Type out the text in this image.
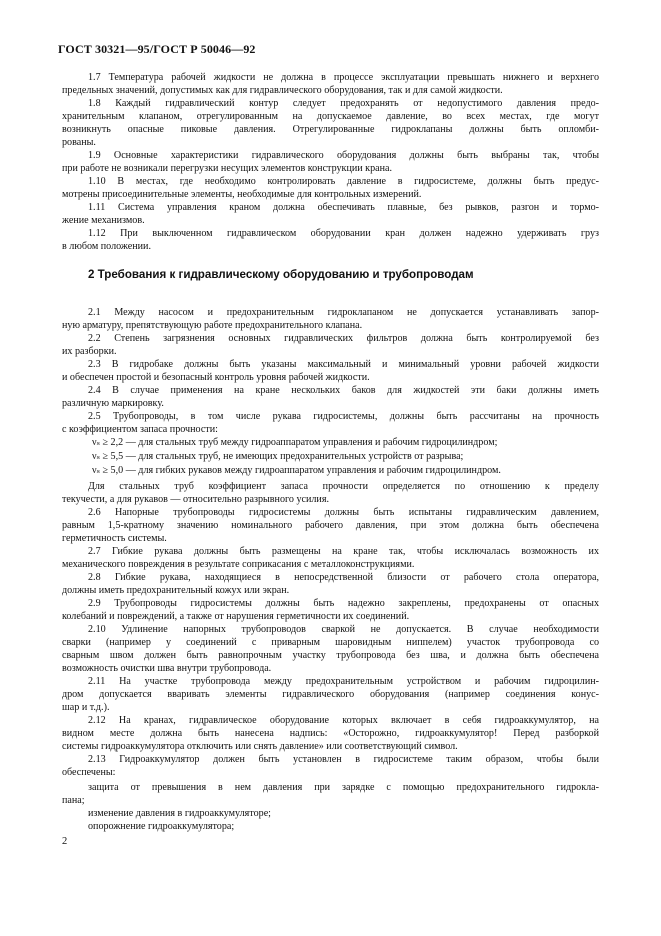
ГОСТ 30321—95/ГОСТ Р 50046—92
1.7 Температура рабочей жидкости не должна в процессе эксплуатации превышать нижнего и верхнего
предельных значений, допустимых как для гидравлического оборудования, так и для самой жидкости.
1.8 Каждый гидравлический контур следует предохранять от недопустимого давления предо-
хранительным клапаном, отрегулированным на допускаемое давление, во всех местах, где могут
возникнуть опасные пиковые давления. Отрегулированные гидроклапаны должны быть опломби-
рованы.
1.9 Основные характеристики гидравлического оборудования должны быть выбраны так, чтобы
при работе не возникали перегрузки несущих элементов конструкции крана.
1.10 В местах, где необходимо контролировать давление в гидросистеме, должны быть предус-
мотрены присоединительные элементы, необходимые для контрольных измерений.
1.11 Система управления краном должна обеспечивать плавные, без рывков, разгон и тормо-
жение механизмов.
1.12 При выключенном гидравлическом оборудовании кран должен надежно удерживать груз
в любом положении.
2 Требования к гидравлическому оборудованию и трубопроводам
2.1 Между насосом и предохранительным гидроклапаном не допускается устанавливать запор-
ную арматуру, препятствующую работе предохранительного клапана.
2.2 Степень загрязнения основных гидравлических фильтров должна быть контролируемой без
их разборки.
2.3 В гидробаке должны быть указаны максимальный и минимальный уровни рабочей жидкости
и обеспечен простой и безопасный контроль уровня рабочей жидкости.
2.4 В случае применения на кране нескольких баков для жидкостей эти баки должны иметь
различную маркировку.
2.5 Трубопроводы, в том числе рукава гидросистемы, должны быть рассчитаны на прочность
с коэффициентом запаса прочности:
νₛ ≥ 2,2 — для стальных труб между гидроаппаратом управления и рабочим гидроцилиндром;
νₛ ≥ 5,5 — для стальных труб, не имеющих предохранительных устройств от разрыва;
νₛ ≥ 5,0 — для гибких рукавов между гидроаппаратом управления и рабочим гидроцилиндром.
Для стальных труб коэффициент запаса прочности определяется по отношению к пределу
текучести, а для рукавов — относительно разрывного усилия.
2.6 Напорные трубопроводы гидросистемы должны быть испытаны гидравлическим давлением,
равным 1,5-кратному значению номинального рабочего давления, при этом должна быть обеспечена
герметичность системы.
2.7 Гибкие рукава должны быть размещены на кране так, чтобы исключалась возможность их
механического повреждения в результате соприкасания с металлоконструкциями.
2.8 Гибкие рукава, находящиеся в непосредственной близости от рабочего стола оператора,
должны иметь предохранительный кожух или экран.
2.9 Трубопроводы гидросистемы должны быть надежно закреплены, предохранены от опасных
колебаний и повреждений, а также от нарушения герметичности их соединений.
2.10 Удлинение напорных трубопроводов сваркой не допускается. В случае необходимости
сварки (например у соединений с приварным шаровидным ниппелем) участок трубопровода со
сварным швом должен быть равнопрочным участку трубопровода без шва, и должна быть обеспечена
возможность очистки шва внутри трубопровода.
2.11 На участке трубопровода между предохранительным устройством и рабочим гидроцилин-
дром допускается вваривать элементы гидравлического оборудования (например соединения конус-
шар и т.д.).
2.12 На кранах, гидравлическое оборудование которых включает в себя гидроаккумулятор, на
видном месте должна быть нанесена надпись: «Осторожно, гидроаккумулятор! Перед разборкой
системы гидроаккумулятора отключить или снять давление» или соответствующий символ.
2.13 Гидроаккумулятор должен быть установлен в гидросистеме таким образом, чтобы были
обеспечены:
защита от превышения в нем давления при зарядке с помощью предохранительного гидрокла-
пана;
изменение давления в гидроаккумуляторе;
опорожнение гидроаккумулятора;
2
